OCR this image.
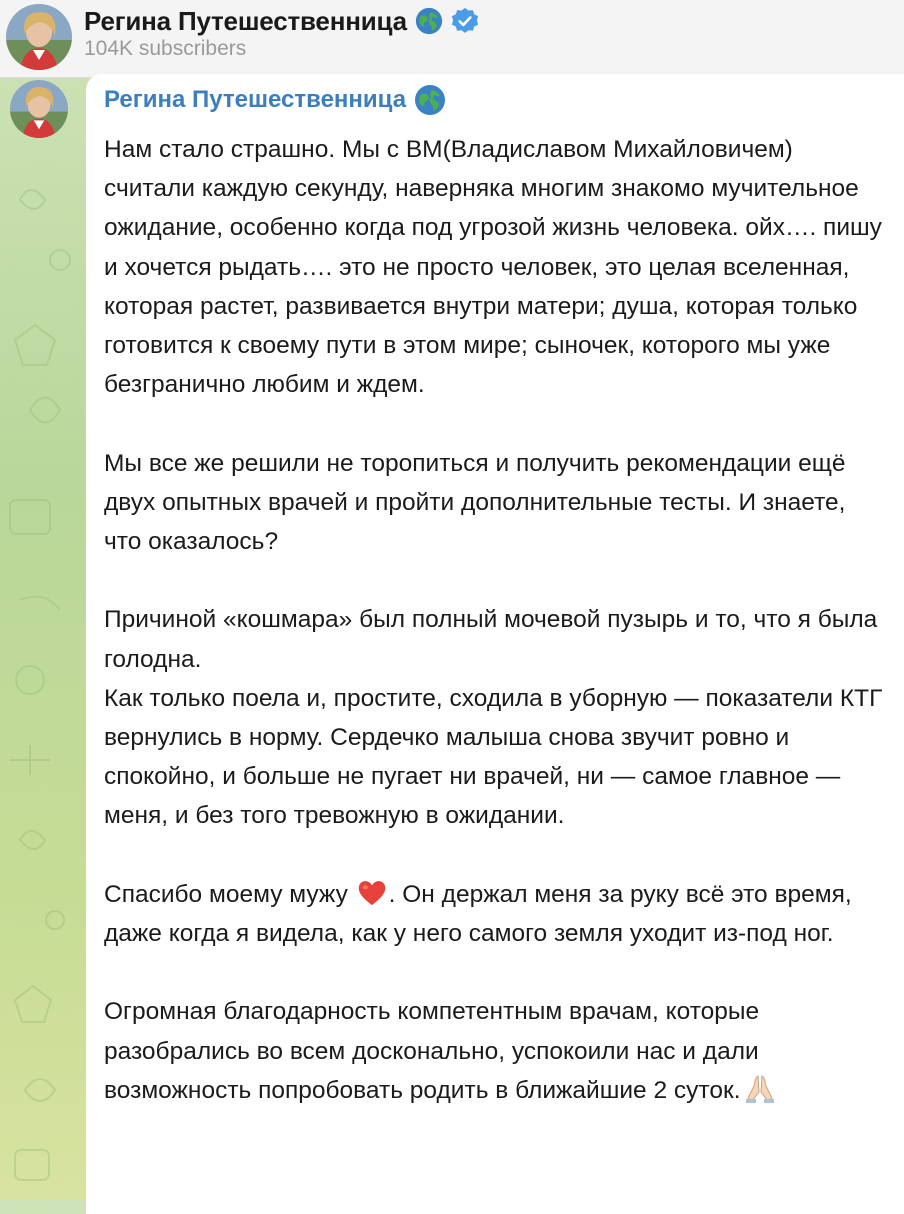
Регина Путешественница
104K subscribers
Регина Путешественница

Нам стало страшно. Мы с ВМ(Владиславом Михайловичем) считали каждую секунду, наверняка многим знакомо мучительное ожидание, особенно когда под угрозой жизнь человека. ойх…. пишу и хочется рыдать…. это не просто человек, это целая вселенная, которая растет, развивается внутри матери; душа, которая только готовится к своему пути в этом мире; сыночек, которого мы уже безгранично любим и ждем.

Мы все же решили не торопиться и получить рекомендации ещё двух опытных врачей и пройти дополнительные тесты. И знаете, что оказалось?

Причиной «кошмара» был полный мочевой пузырь и то, что я была голодна.

Как только поела и, простите, сходила в уборную — показатели КТГ вернулись в норму. Сердечко малыша снова звучит ровно и спокойно, и больше не пугает ни врачей, ни — самое главное — меня, и без того тревожную в ожидании.

Спасибо моему мужу . Он держал меня за руку всё это время, даже когда я видела, как у него самого земля уходит из-под ног.

Огромная благодарность компетентным врачам, которые разобрались во всем досконально, успокоили нас и дали возможность попробовать родить в ближайшие 2 суток.
